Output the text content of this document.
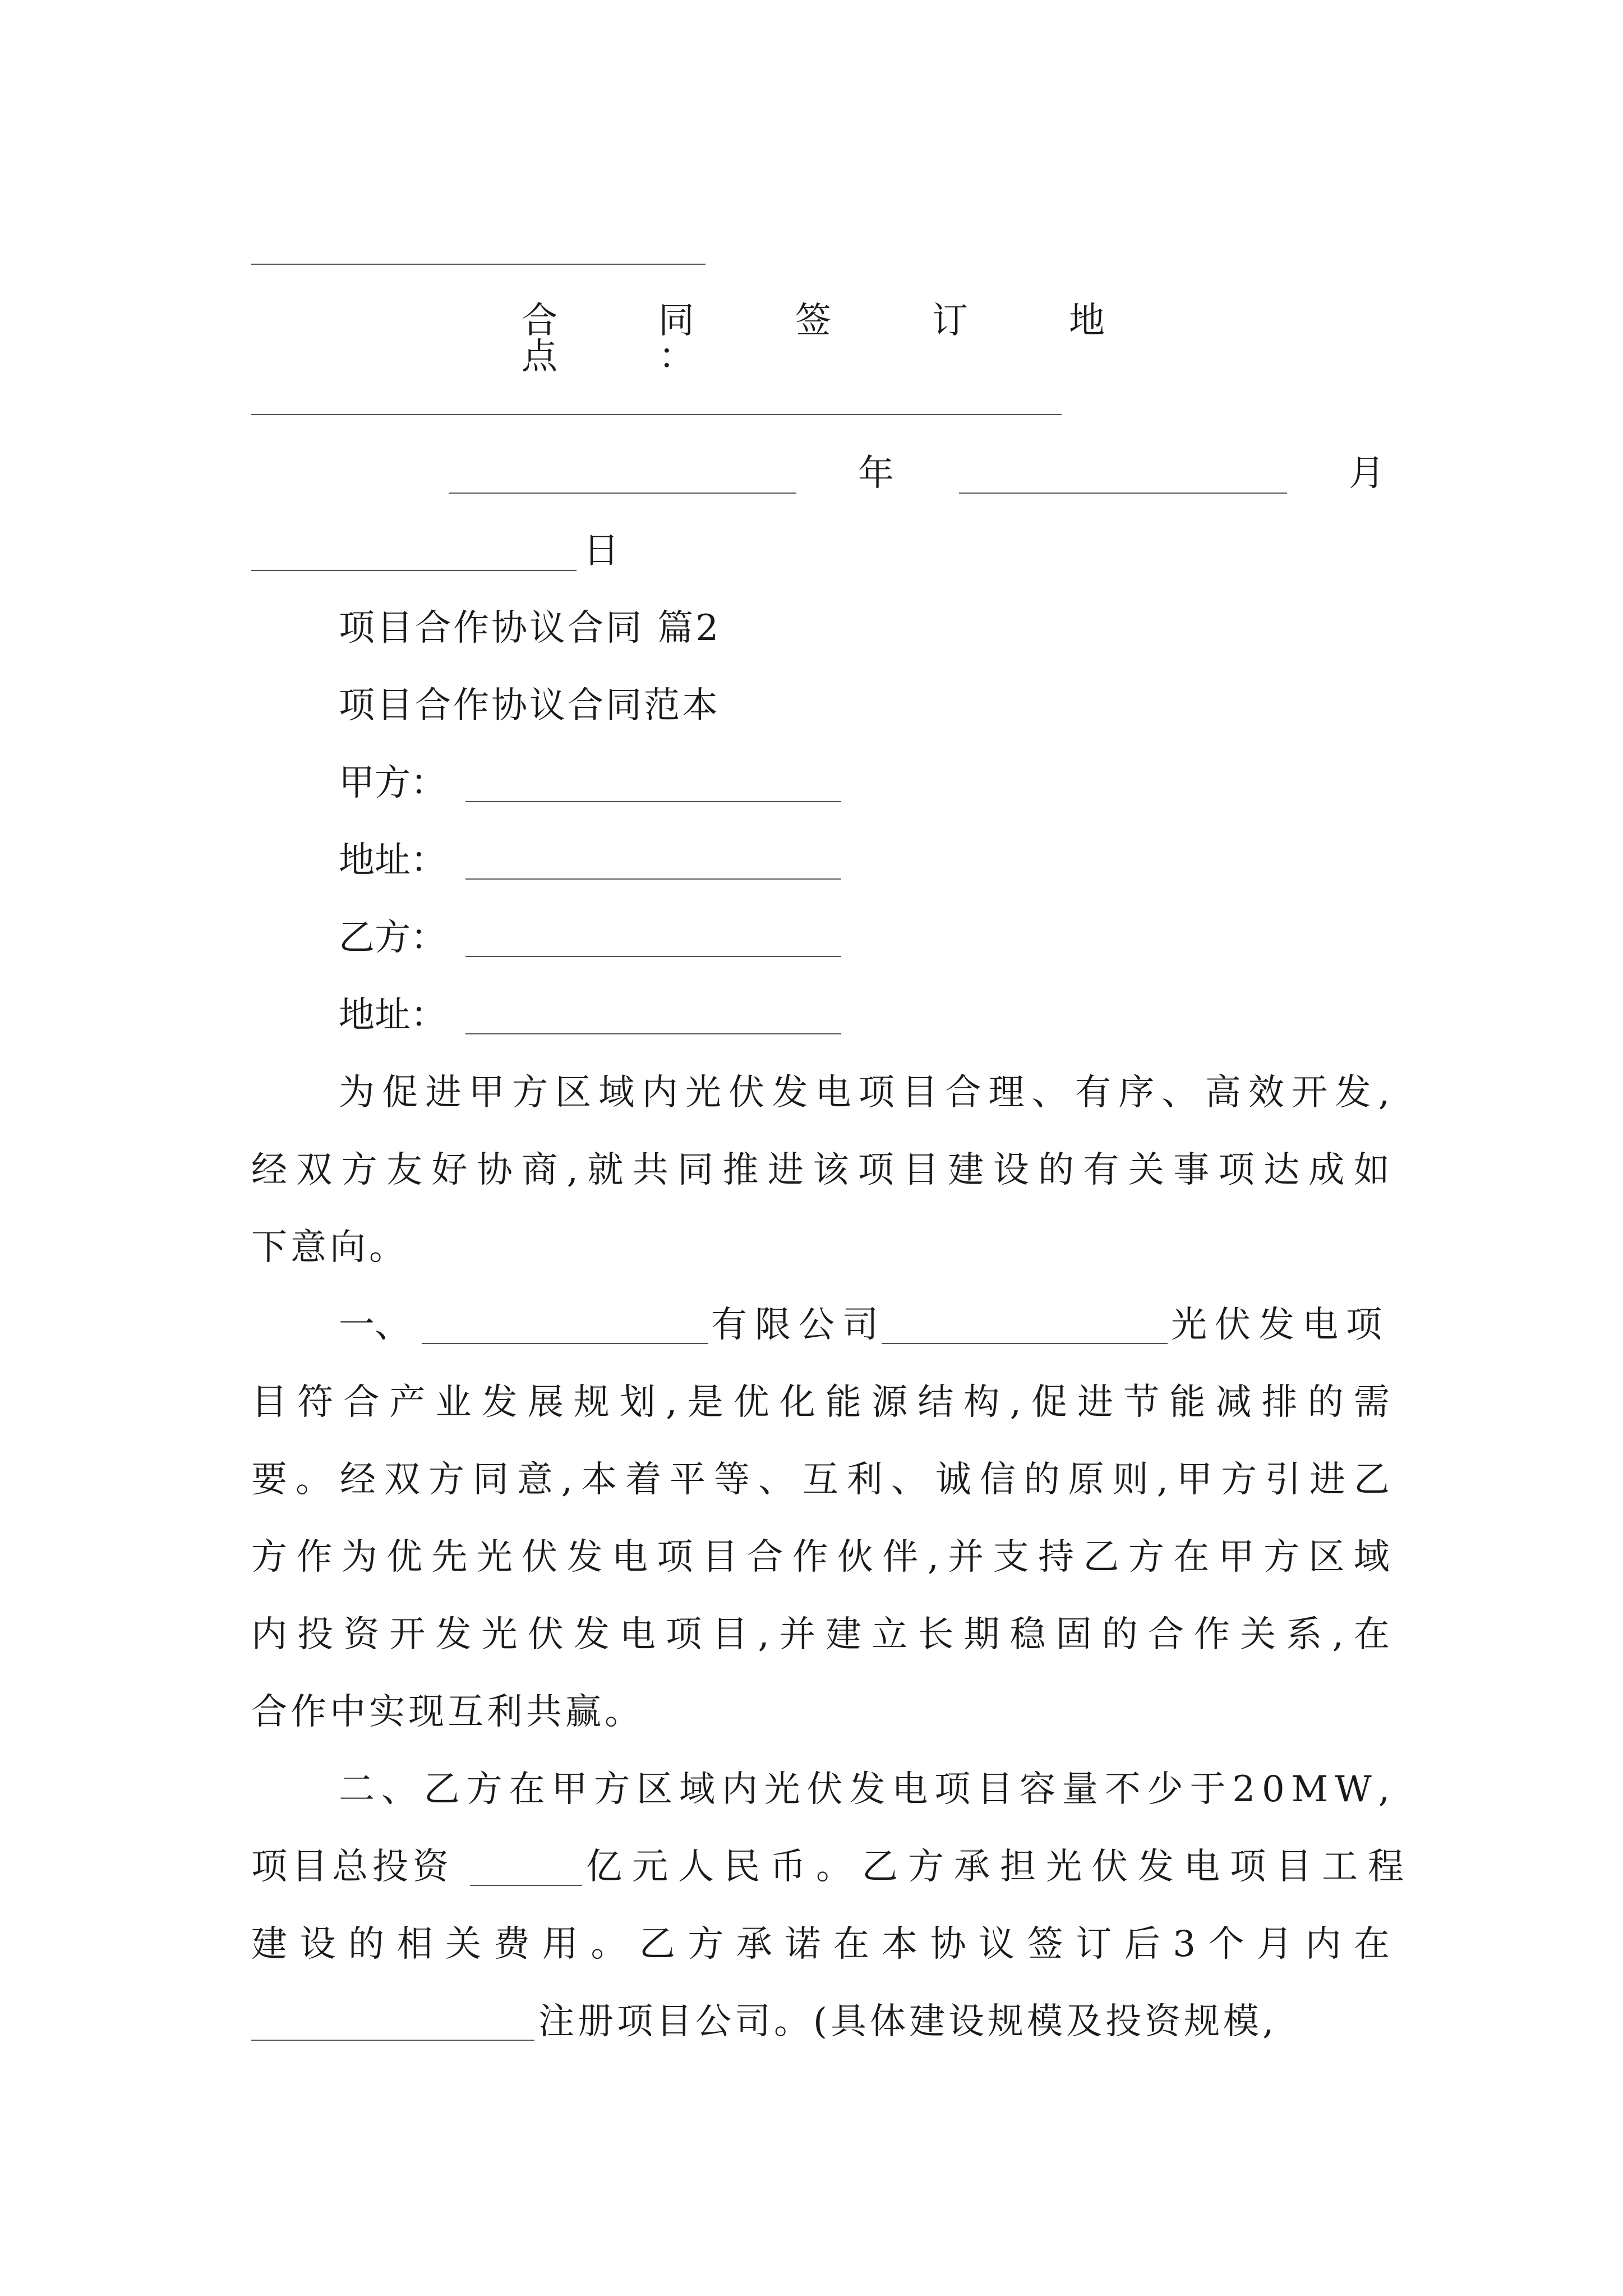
合同签订地点：
年	月
日
项目合作协议合同 篇2
项目合作协议合同范本
甲方：
地址：
乙方：
地址：
为 促 进 甲 方 区 域 内 光 伏 发 电 项 目 合 理 、 有 序 、 高 效 开 发 ,
经 双 方 友 好 协 商 , 就 共 同 推 进 该 项 目 建 设 的 有 关 事 项 达 成 如
下意向。
一、	有限公司	光伏发电项
目 符 合 产 业 发 展 规 划 , 是 优 化 能 源 结 构 , 促 进 节 能 减 排 的 需
要 。 经 双 方 同 意 , 本 着 平 等 、 互 利 、 诚 信 的 原 则 , 甲 方 引 进 乙
方 作 为 优 先 光 伏 发 电 项 目 合 作 伙 伴 , 并 支 持 乙 方 在 甲 方 区 域
内 投 资 开 发 光 伏 发 电 项 目 , 并 建 立 长 期 稳 固 的 合 作 关 系 , 在
合作中实现互利共赢。
二 、 乙 方 在 甲 方 区 域 内 光 伏 发 电 项 目 容 量 不 少 于 2 0 M W ,
项目总投资	亿元人民币。乙方承担光伏发电项目工程
建 设 的 相 关 费 用 。 乙 方 承 诺 在 本 协 议 签 订 后 3 个 月 内 在
注册项目公司。(具体建设规模及投资规模,
